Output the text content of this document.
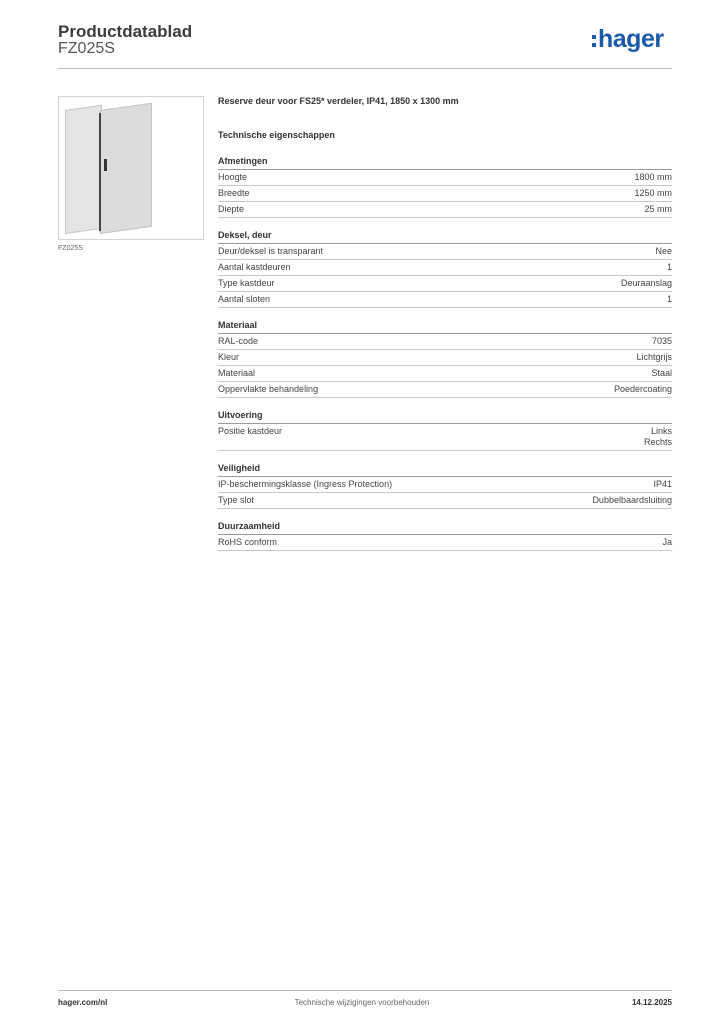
Productdatablad
FZ025S	hager
FZ025S
Reserve deur voor FS25* verdeler, IP41, 1850 x 1300 mm
Technische eigenschappen
Afmetingen
Hoogte	1800 mm
Breedte	1250 mm
Diepte	25 mm
Deksel, deur
Deur/deksel is transparant	Nee
Aantal kastdeuren	1
Type kastdeur	Deuraanslag
Aantal sloten	1
Materiaal
RAL-code	7035
Kleur	Lichtgrijs
Materiaal	Staal
Oppervlakte behandeling	Poedercoating
Uitvoering
Positie kastdeur	Links
Rechts
Veiligheid
IP-beschermingsklasse (Ingress Protection)	IP41
Type slot	Dubbelbaardsluiting
Duurzaamheid
RoHS conform	Ja
hager.com/nl	Technische wijzigingen voorbehouden	14.12.2025
